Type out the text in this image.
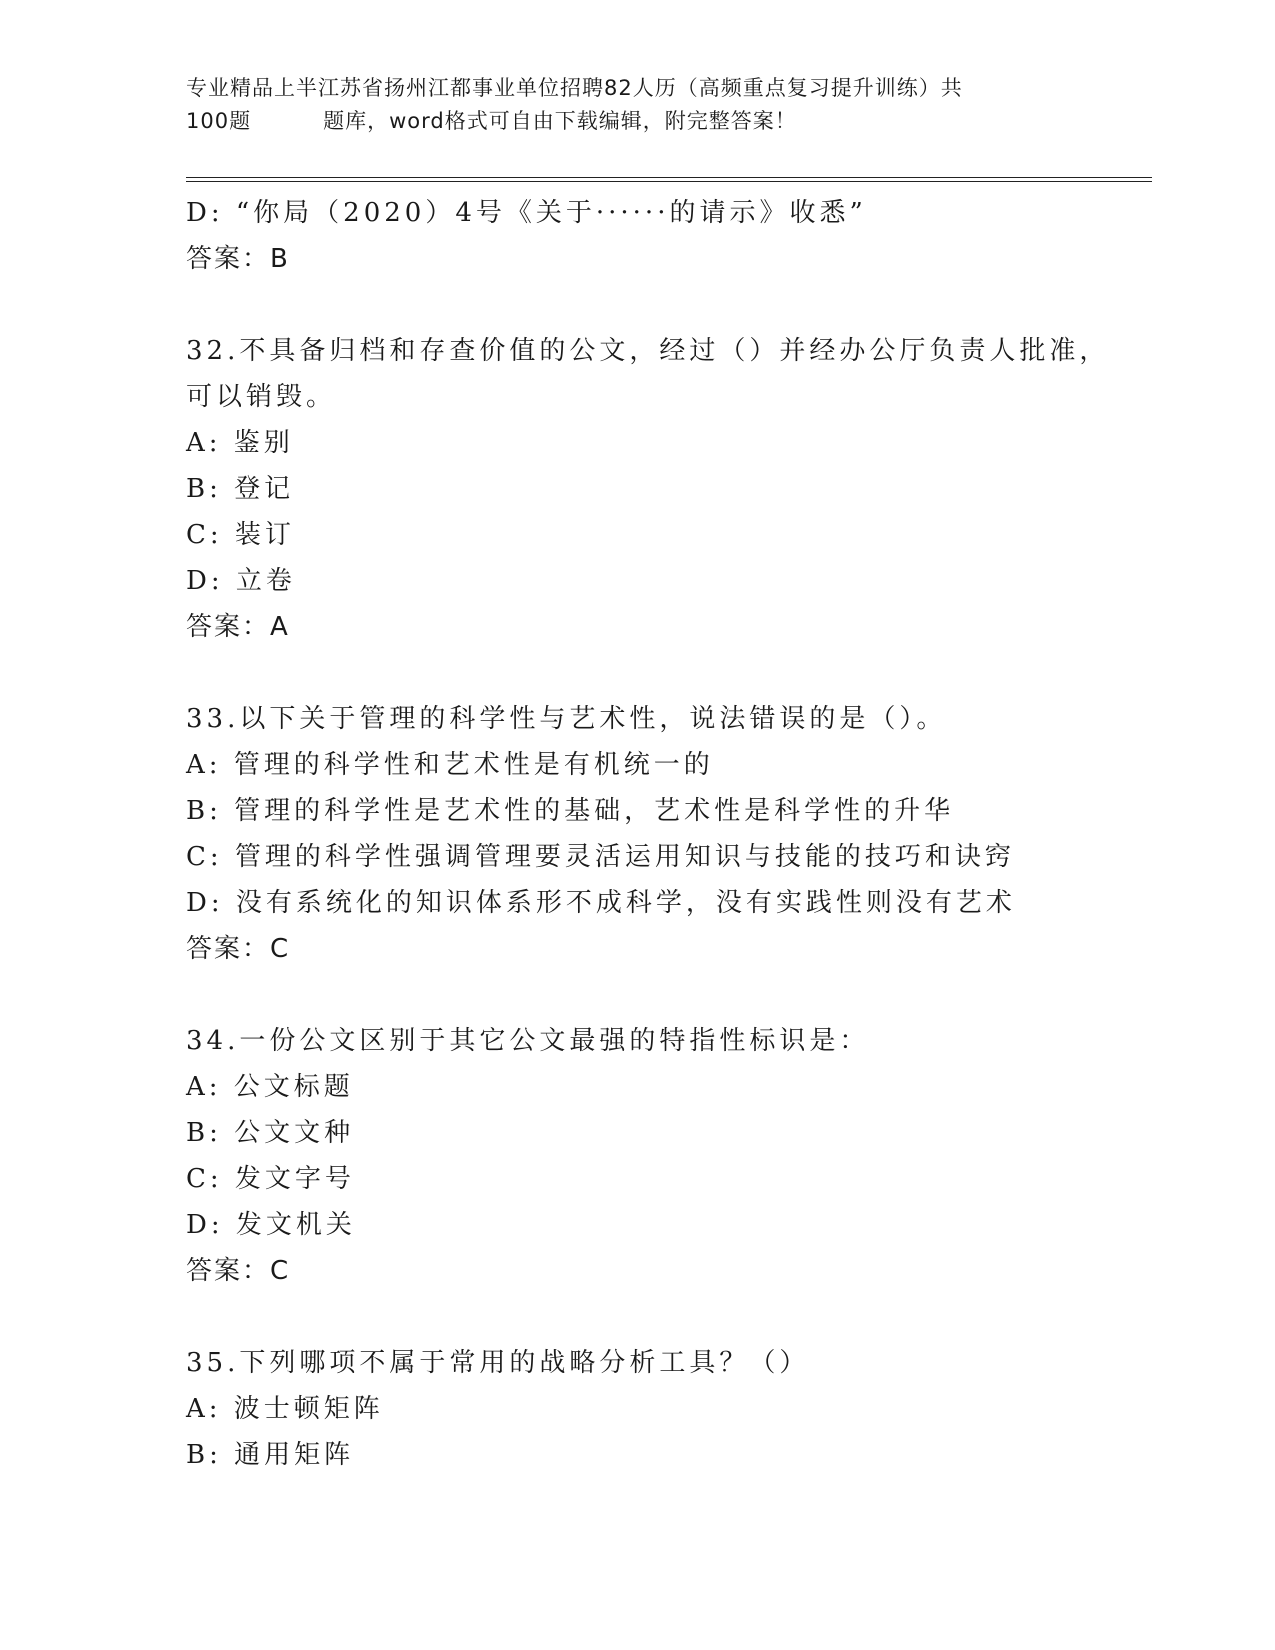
专业精品上半江苏省扬州江都事业单位招聘82人历（高频重点复习提升训练）共
100题	题库，word格式可自由下载编辑，附完整答案！
D: “你局（2020）4号《关于······的请示》收悉”
答案：B
32.不具备归档和存查价值的公文，经过（）并经办公厅负责人批准，
可以销毁。
A: 鉴别
B: 登记
C: 装订
D: 立卷
答案：A
33.以下关于管理的科学性与艺术性，说法错误的是（）。
A: 管理的科学性和艺术性是有机统一的
B: 管理的科学性是艺术性的基础，艺术性是科学性的升华
C: 管理的科学性强调管理要灵活运用知识与技能的技巧和诀窍
D: 没有系统化的知识体系形不成科学，没有实践性则没有艺术
答案：C
34.一份公文区别于其它公文最强的特指性标识是：
A: 公文标题
B: 公文文种
C: 发文字号
D: 发文机关
答案：C
35.下列哪项不属于常用的战略分析工具？（）
A: 波士顿矩阵
B: 通用矩阵
